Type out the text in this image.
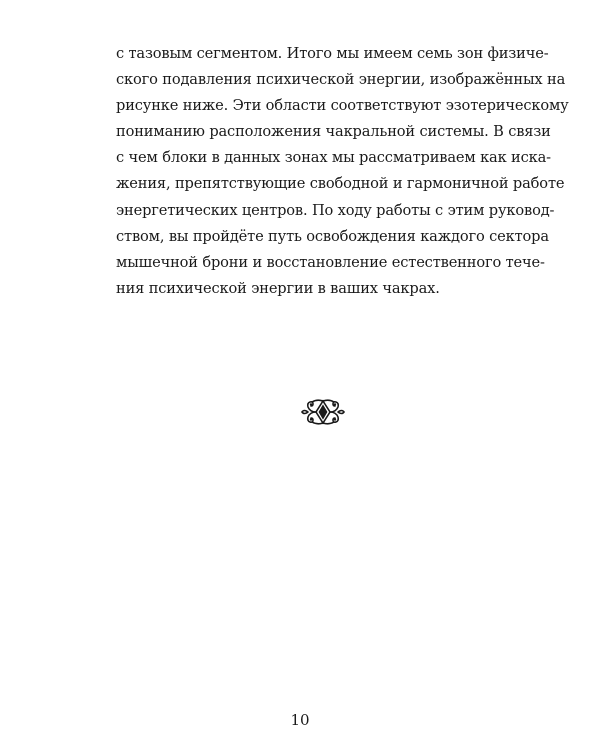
с тазовым сегментом. Итого мы имеем семь зон физиче-
ского подавления психической энергии, изображённых на
рисунке ниже. Эти области соответствуют эзотерическому
пониманию расположения чакральной системы. В связи
с чем блоки в данных зонах мы рассматриваем как искa-
жения, препятствующие свободной и гармоничной работе
энергетических центров. По ходу работы с этим руковод-
ством, вы пройдёте путь освобождения каждого сектора
мышечной брони и восстановление естественного тече-
ния психической энергии в ваших чакрах.
10
